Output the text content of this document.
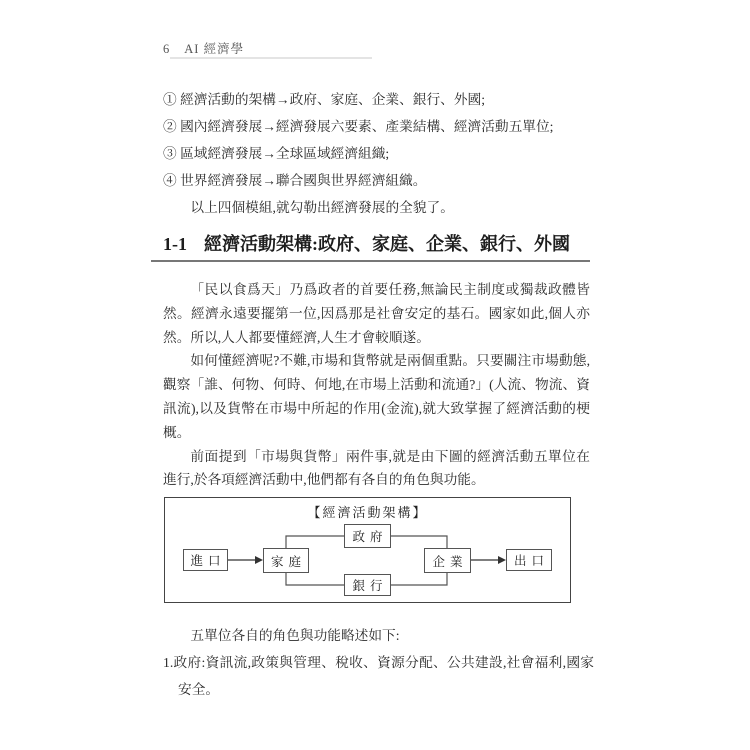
6 AI 經濟學
① 經濟活動的架構→政府、家庭、企業、銀行、外國;
② 國內經濟發展→經濟發展六要素、產業結構、經濟活動五單位;
③ 區域經濟發展→全球區域經濟組織;
④ 世界經濟發展→聯合國與世界經濟組織。
以上四個模組,就勾勒出經濟發展的全貌了。
1-1 經濟活動架構:政府、家庭、企業、銀行、外國

「民以食爲天」乃爲政者的首要任務,無論民主制度或獨裁政體皆然。經濟永遠要擺第一位,因爲那是社會安定的基石。國家如此,個人亦然。所以,人人都要懂經濟,人生才會較順遂。

如何懂經濟呢?不難,市場和貨幣就是兩個重點。只要關注市場動態,觀察「誰、何物、何時、何地,在市場上活動和流通?」(人流、物流、資訊流),以及貨幣在市場中所起的作用(金流),就大致掌握了經濟活動的梗概。

前面提到「市場與貨幣」兩件事,就是由下圖的經濟活動五單位在進行,於各項經濟活動中,他們都有各自的角色與功能。

【經濟活動架構】
進口	家庭
政府
銀行
企業	出口
五單位各自的角色與功能略述如下:
1.政府:資訊流,政策與管理、稅收、資源分配、公共建設,社會福利,國家安全。
